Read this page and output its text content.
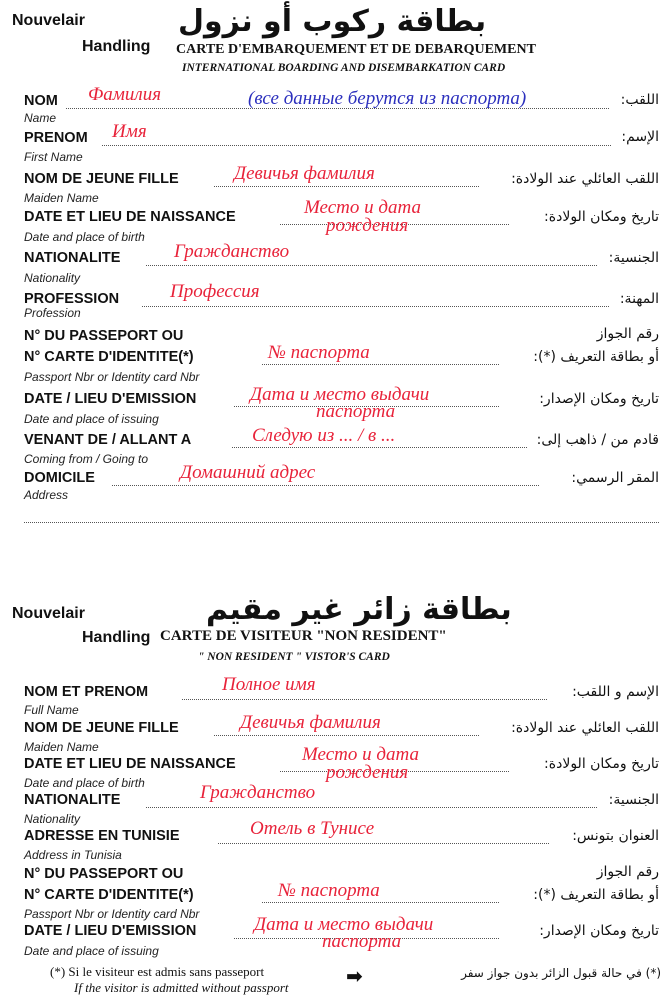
Nouvelair
Handling
بطاقة ركوب أو نزول
CARTE D'EMBARQUEMENT ET DE DEBARQUEMENT
INTERNATIONAL BOARDING AND DISEMBARKATION CARD
NOM Фамилия	(все данные берутся из паспорта)	اللقب:
Name
PRENOM Имя	الإسم:
First Name
NOM DE JEUNE FILLE	Девичья фамилия	اللقب العائلي عند الولادة:
Maiden Name
DATE ET LIEU DE NAISSANCE	Место и дата
рождения	تاريخ ومكان الولادة:
Date and place of birth
NATIONALITE	Гражданство	الجنسية:
Nationality
PROFESSION	Профессия	المهنة:
Profession
N° DU PASSEPORT OU
N° CARTE D'IDENTITE(*)	№ паспорта
رقم الجواز
أو بطاقة التعريف (*):
Passport Nbr or Identity card Nbr
DATE / LIEU D'EMISSION	Дата и место выдачи
паспорта
تاريخ ومكان الإصدار:
Date and place of issuing
VENANT DE / ALLANT A	Следую из ... / в ...	قادم من / ذاهب إلى:
Coming from / Going to
DOMICILE	Домашний адрес	المقر الرسمي:
Address
Nouvelair
Handling
بطاقة زائر غير مقيم
CARTE DE VISITEUR "NON RESIDENT"
" NON RESIDENT " VISTOR'S CARD
NOM ET PRENOM	Полное имя	الإسم و اللقب:
Full Name
NOM DE JEUNE FILLE	Девичья фамилия	اللقب العائلي عند الولادة:
Maiden Name
DATE ET LIEU DE NAISSANCE	Место и дата
рождения	تاريخ ومكان الولادة:
Date and place of birth
NATIONALITE	Гражданство	الجنسية:
Nationality
ADRESSE EN TUNISIE	Отель в Тунисе	العنوان بتونس:
Address in Tunisia
N° DU PASSEPORT OU
N° CARTE D'IDENTITE(*)	№ паспорта
رقم الجواز
أو بطاقة التعريف (*):
Passport Nbr or Identity card Nbr
DATE / LIEU D'EMISSION	Дата и место выдачи
паспорта	تاريخ ومكان الإصدار:
Date and place of issuing
(*) Si le visiteur est admis sans passeport
If the visitor is admitted without passport	➡	(*) في حالة قبول الزائر بدون جواز سفر
